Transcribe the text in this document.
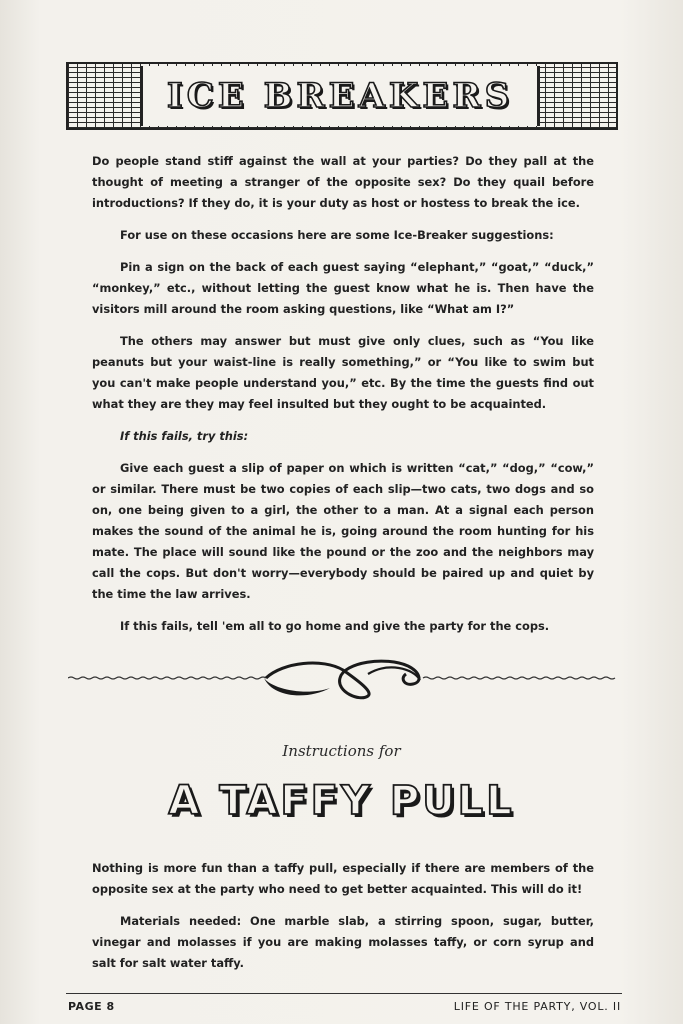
ICE BREAKERS

Do people stand stiff against the wall at your parties? Do they pall at the thought of meeting a stranger of the opposite sex? Do they quail before introductions? If they do, it is your duty as host or hostess to break the ice.

For use on these occasions here are some Ice-Breaker suggestions:

Pin a sign on the back of each guest saying “elephant,” “goat,” “duck,” “monkey,” etc., without letting the guest know what he is. Then have the visitors mill around the room asking questions, like “What am I?”

The others may answer but must give only clues, such as “You like peanuts but your waist-line is really something,” or “You like to swim but you can't make people understand you,” etc. By the time the guests find out what they are they may feel insulted but they ought to be acquainted.

If this fails, try this:

Give each guest a slip of paper on which is written “cat,” “dog,” “cow,” or similar. There must be two copies of each slip—two cats, two dogs and so on, one being given to a girl, the other to a man. At a signal each person makes the sound of the animal he is, going around the room hunting for his mate. The place will sound like the pound or the zoo and the neighbors may call the cops. But don't worry—everybody should be paired up and quiet by the time the law arrives.

If this fails, tell 'em all to go home and give the party for the cops.

Instructions for
A TAFFY PULL

Nothing is more fun than a taffy pull, especially if there are members of the opposite sex at the party who need to get better acquainted. This will do it!

Materials needed: One marble slab, a stirring spoon, sugar, butter, vinegar and molasses if you are making molasses taffy, or corn syrup and salt for salt water taffy.

PAGE 8	LIFE OF THE PARTY, VOL. II
